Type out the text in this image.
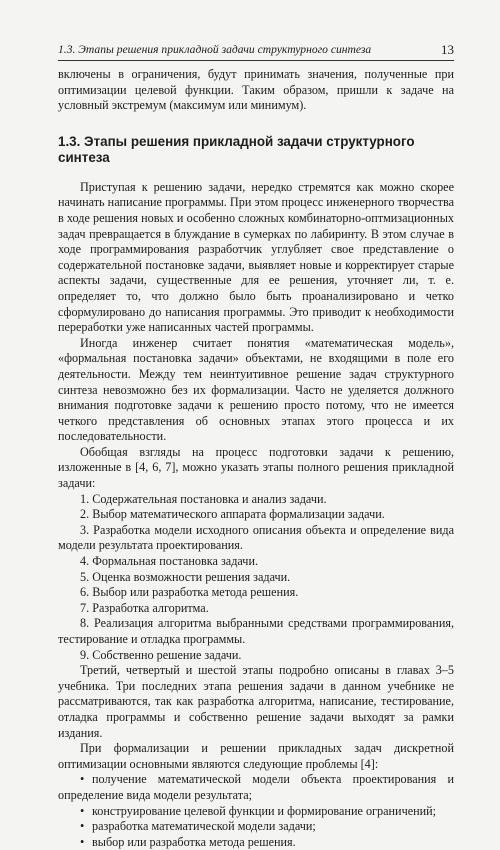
1.3. Этапы решения прикладной задачи структурного синтеза	13

включены в ограничения, будут принимать значения, полученные при оптимизации целевой функции. Таким образом, пришли к задаче на условный экстремум (максимум или минимум).

1.3. Этапы решения прикладной задачи структурного синтеза

Приступая к решению задачи, нередко стремятся как можно скорее начинать написание программы. При этом процесс инженерного творчества в ходе решения новых и особенно сложных комбинаторно-оптмизационных задач превращается в блуждание в сумерках по лабиринту. В этом случае в ходе программирования разработчик углубляет свое представление о содержательной постановке задачи, выявляет новые и корректирует старые аспекты задачи, существенные для ее решения, уточняет ли, т. е. определяет то, что должно было быть проанализировано и четко сформулировано до написания программы. Это приводит к необходимости переработки уже написанных частей программы.

Иногда инженер считает понятия «математическая модель», «формальная постановка задачи» объектами, не входящими в поле его деятельности. Между тем неинтуитивное решение задач структурного синтеза невозможно без их формализации. Часто не уделяется должного внимания подготовке задачи к решению просто потому, что не имеется четкого представления об основных этапах этого процесса и их последовательности.

Обобщая взгляды на процесс подготовки задачи к решению, изложенные в [4, 6, 7], можно указать этапы полного решения прикладной задачи:

1. Содержательная постановка и анализ задачи.
2. Выбор математического аппарата формализации задачи.
3. Разработка модели исходного описания объекта и определение вида модели результата проектирования.
4. Формальная постановка задачи.
5. Оценка возможности решения задачи.
6. Выбор или разработка метода решения.
7. Разработка алгоритма.
8. Реализация алгоритма выбранными средствами программирования, тестирование и отладка программы.
9. Собственно решение задачи.

Третий, четвертый и шестой этапы подробно описаны в главах 3–5 учебника. Три последних этапа решения задачи в данном учебнике не рассматриваются, так как разработка алгоритма, написание, тестирование, отладка программы и собственно решение задачи выходят за рамки издания.

При формализации и решении прикладных задач дискретной оптимизации основными являются следующие проблемы [4]:

• получение математической модели объекта проектирования и определение вида модели результата;
• конструирование целевой функции и формирование ограничений;
• разработка математической модели задачи;
• выбор или разработка метода решения.
